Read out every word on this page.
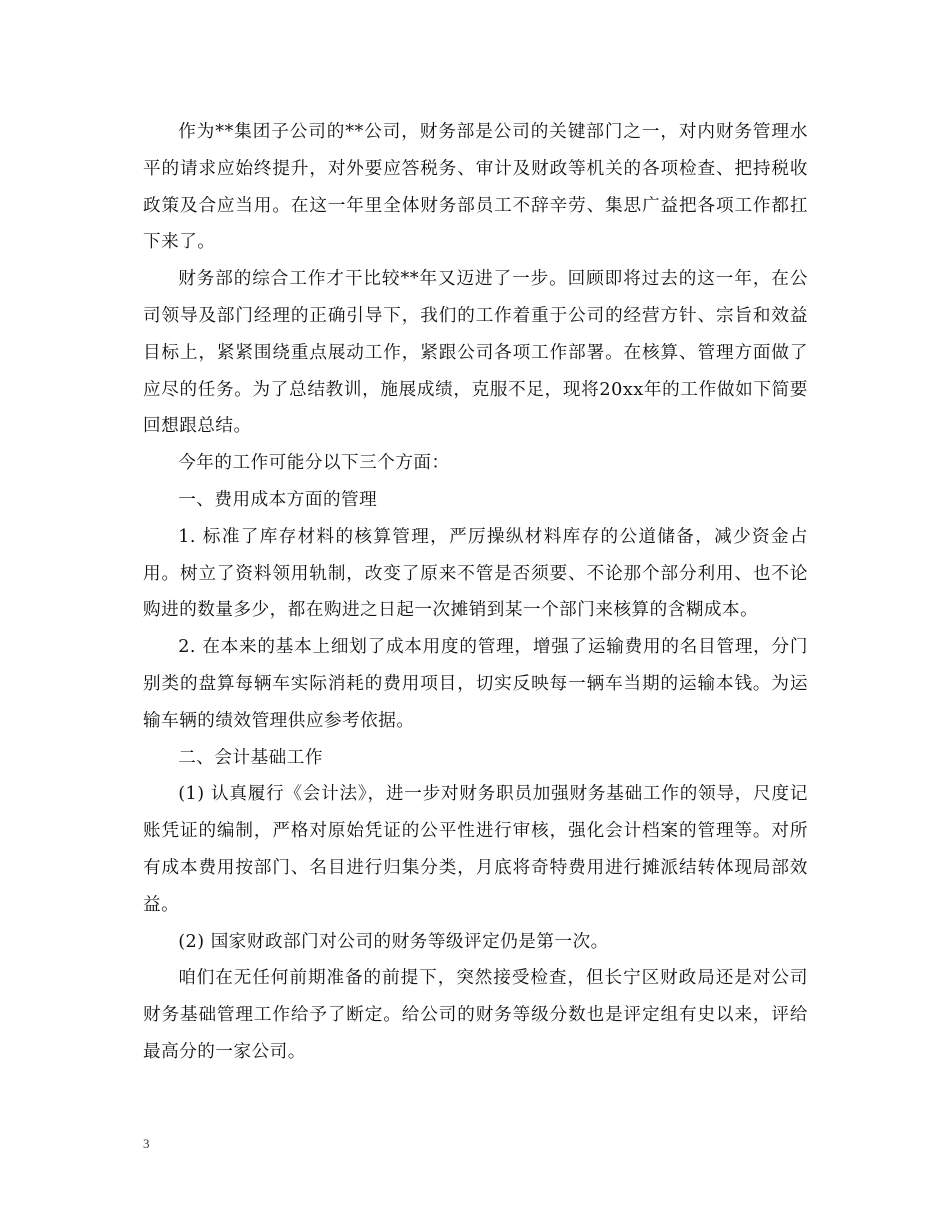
作为**集团子公司的**公司，财务部是公司的关键部门之一，对内财务管理水平的请求应始终提升，对外要应答税务、审计及财政等机关的各项检查、把持税收政策及合应当用。在这一年里全体财务部员工不辞辛劳、集思广益把各项工作都扛下来了。

财务部的综合工作才干比较**年又迈进了一步。回顾即将过去的这一年，在公司领导及部门经理的正确引导下，我们的工作着重于公司的经营方针、宗旨和效益目标上，紧紧围绕重点展动工作，紧跟公司各项工作部署。在核算、管理方面做了应尽的任务。为了总结教训，施展成绩，克服不足，现将20xx年的工作做如下简要回想跟总结。

今年的工作可能分以下三个方面：

一、费用成本方面的管理

1. 标准了库存材料的核算管理，严厉操纵材料库存的公道储备，减少资金占用。树立了资料领用轨制，改变了原来不管是否须要、不论那个部分利用、也不论购进的数量多少，都在购进之日起一次摊销到某一个部门来核算的含糊成本。

2. 在本来的基本上细划了成本用度的管理，增强了运输费用的名目管理，分门别类的盘算每辆车实际消耗的费用项目，切实反映每一辆车当期的运输本钱。为运输车辆的绩效管理供应参考依据。

二、会计基础工作

(1) 认真履行《会计法》，进一步对财务职员加强财务基础工作的领导，尺度记账凭证的编制，严格对原始凭证的公平性进行审核，强化会计档案的管理等。对所有成本费用按部门、名目进行归集分类，月底将奇特费用进行摊派结转体现局部效益。

(2) 国家财政部门对公司的财务等级评定仍是第一次。

咱们在无任何前期准备的前提下，突然接受检查，但长宁区财政局还是对公司财务基础管理工作给予了断定。给公司的财务等级分数也是评定组有史以来，评给最高分的一家公司。

3
